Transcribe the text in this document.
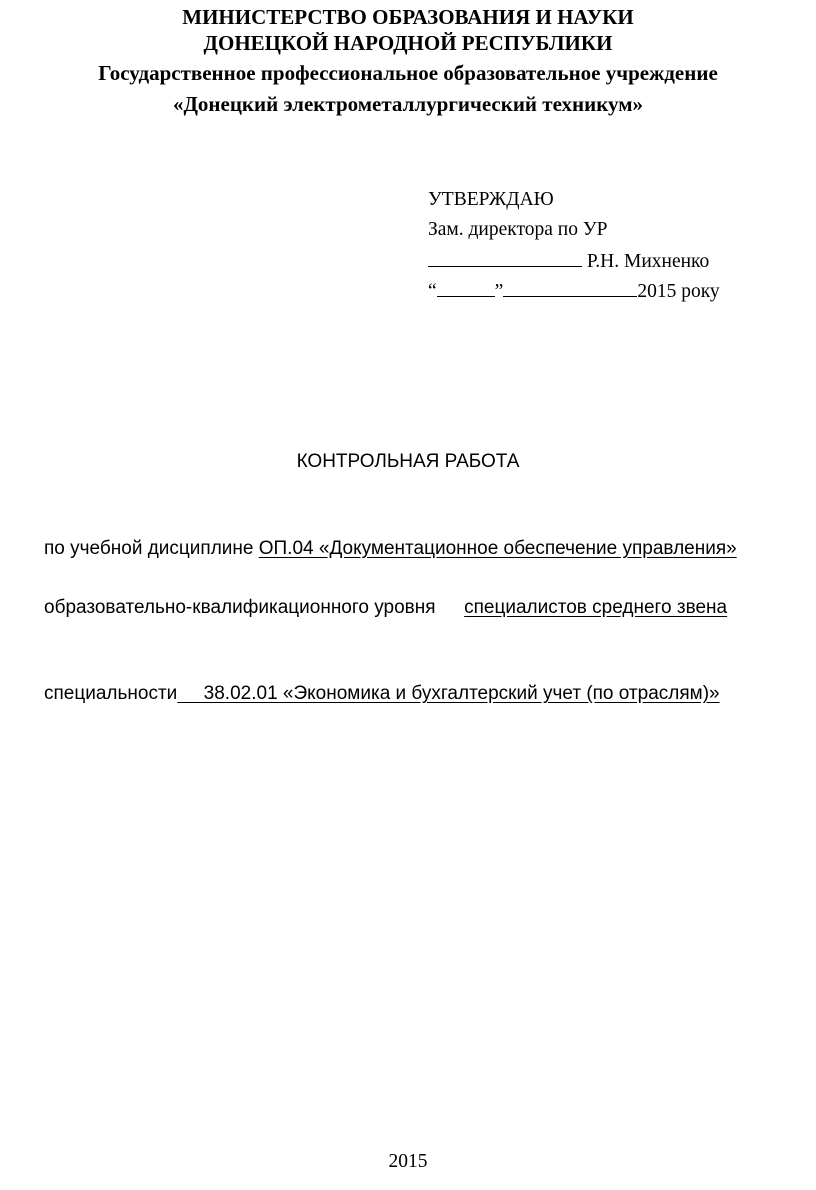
МИНИСТЕРСТВО ОБРАЗОВАНИЯ И НАУКИ
ДОНЕЦКОЙ НАРОДНОЙ РЕСПУБЛИКИ
Государственное профессиональное образовательное учреждение
«Донецкий электрометаллургический техникум»
УТВЕРЖДАЮ
Зам. директора по УР
Р.Н. Михненко
“	”	2015 року
КОНТРОЛЬНАЯ РАБОТА
по учебной дисциплине ОП.04 «Документационное обеспечение управления»
образовательно-квалификационного уровня специалистов среднего звена
специальности     38.02.01 «Экономика и бухгалтерский учет (по отраслям)»
2015
